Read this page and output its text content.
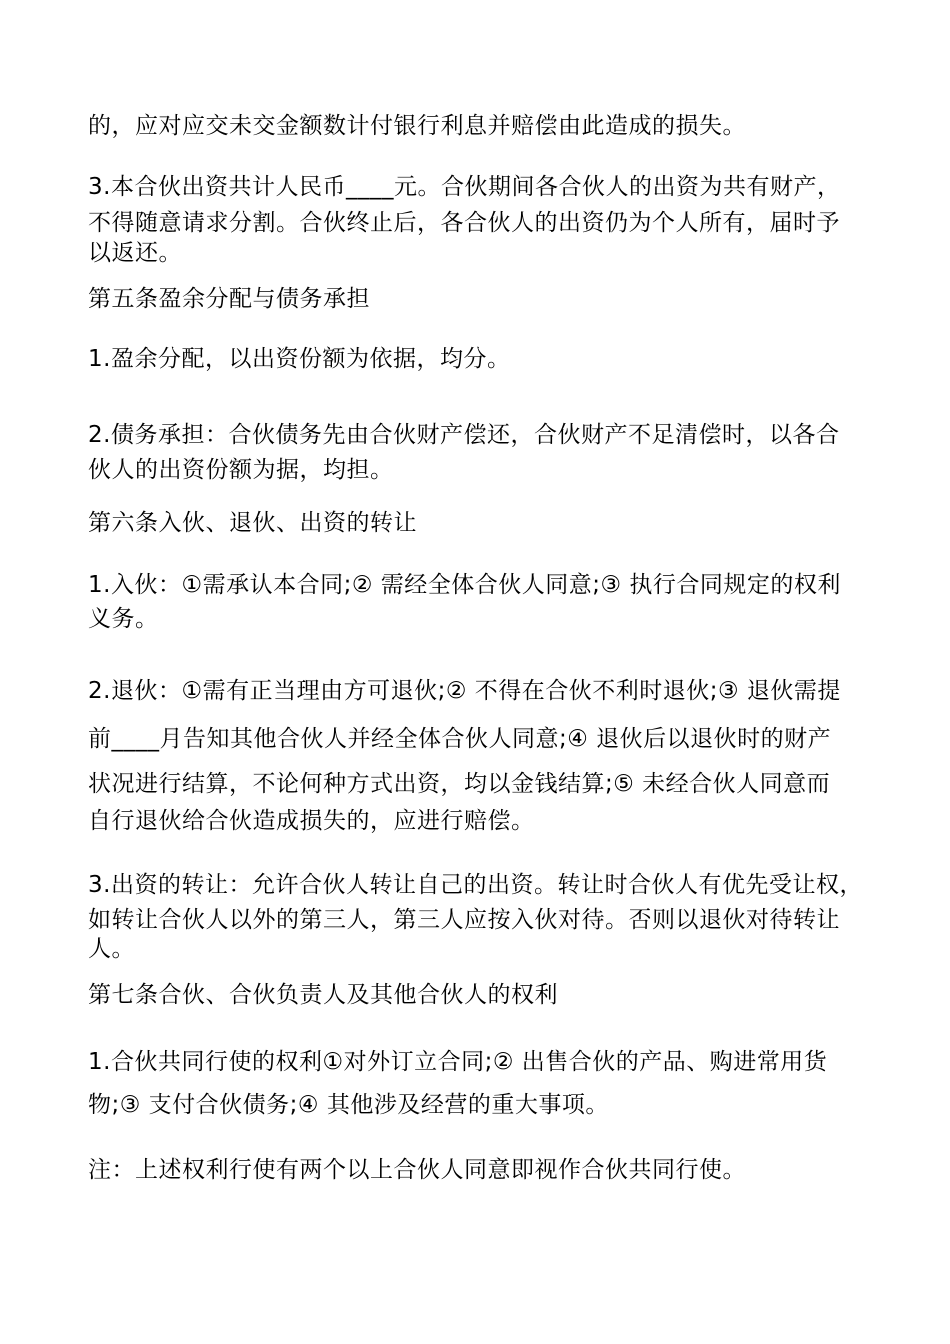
的，应对应交未交金额数计付银行利息并赔偿由此造成的损失。

3.本合伙出资共计人民币____元。合伙期间各合伙人的出资为共有财产，
不得随意请求分割。合伙终止后，各合伙人的出资仍为个人所有，届时予
以返还。

第五条盈余分配与债务承担

1.盈余分配，以出资份额为依据，均分。

2.债务承担：合伙债务先由合伙财产偿还，合伙财产不足清偿时，以各合
伙人的出资份额为据，均担。

第六条入伙、退伙、出资的转让

1.入伙：①需承认本合同;② 需经全体合伙人同意;③ 执行合同规定的权利
义务。

2.退伙：①需有正当理由方可退伙;② 不得在合伙不利时退伙;③ 退伙需提
前____月告知其他合伙人并经全体合伙人同意;④ 退伙后以退伙时的财产
状况进行结算，不论何种方式出资，均以金钱结算;⑤ 未经合伙人同意而
自行退伙给合伙造成损失的，应进行赔偿。

3.出资的转让：允许合伙人转让自己的出资。转让时合伙人有优先受让权，
如转让合伙人以外的第三人，第三人应按入伙对待。否则以退伙对待转让
人。

第七条合伙、合伙负责人及其他合伙人的权利

1.合伙共同行使的权利①对外订立合同;② 出售合伙的产品、购进常用货
物;③ 支付合伙债务;④ 其他涉及经营的重大事项。

注：上述权利行使有两个以上合伙人同意即视作合伙共同行使。
